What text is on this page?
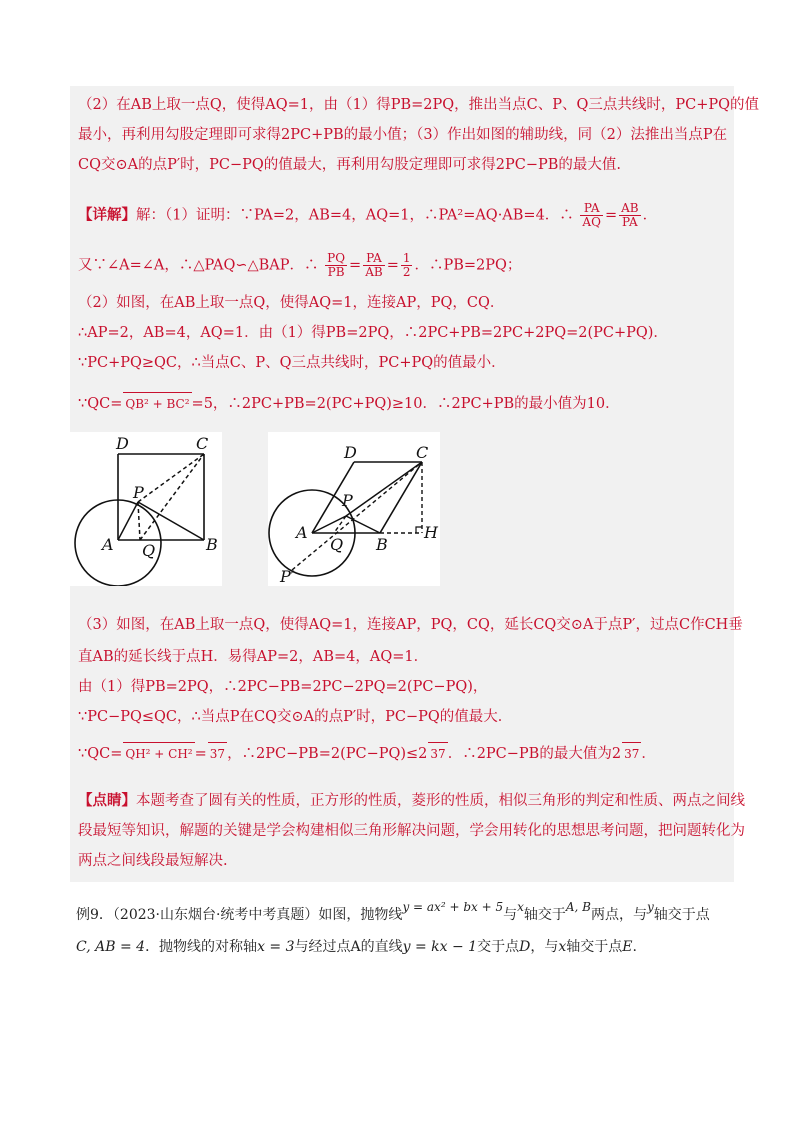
（2）在AB上取一点Q，使得AQ=1，由（1）得PB=2PQ，推出当点C、P、Q三点共线时，PC+PQ的值
最小，再利用勾股定理即可求得2PC+PB的最小值；（3）作出如图的辅助线，同（2）法推出当点P在
CQ交⊙A的点P′时，PC−PQ的值最大，再利用勾股定理即可求得2PC−PB的最大值.
【详解】解：（1）证明：∵PA=2，AB=4，AQ=1，∴PA²=AQ·AB=4．∴ $\frac{PA}{AQ} = \frac{AB}{PA}$ ．
又∵∠A=∠A，∴△PAQ∽△BAP．∴ $\frac{PQ}{PB} = \frac{PA}{AB} = \frac{1}{2}$ ．∴PB=2PQ；
（2）如图，在AB上取一点Q，使得AQ=1，连接AP，PQ，CQ．
∴AP=2，AB=4，AQ=1．由（1）得PB=2PQ，∴2PC+PB=2PC+2PQ=2(PC+PQ)．
∵PC+PQ≥QC，∴当点C、P、Q三点共线时，PC+PQ的值最小．
∵QC= QB² + BC² =5，∴2PC+PB=2(PC+PQ)≥10．∴2PC+PB的最小值为10．
D	C
P
A Q	B
D	C
P
A
Q B
H
P′
（3）如图，在AB上取一点Q，使得AQ=1，连接AP，PQ，CQ，延长CQ交⊙A于点P′，过点C作CH垂
直AB的延长线于点H．易得AP=2，AB=4，AQ=1．
由（1）得PB=2PQ，∴2PC−PB=2PC−2PQ=2(PC−PQ)，
∵PC−PQ≤QC，∴当点P在CQ交⊙A的点P′时，PC−PQ的值最大．
∵QC= QH² + CH² = 37 ，∴2PC−PB=2(PC−PQ)≤2 37 ．∴2PC−PB的最大值为2 37 ．
【点睛】本题考查了圆有关的性质，正方形的性质，菱形的性质，相似三角形的判定和性质、两点之间线
段最短等知识，解题的关键是学会构建相似三角形解决问题，学会用转化的思想思考问题，把问题转化为
两点之间线段最短解决.
例9．（2023·山东烟台·统考中考真题）如图，抛物线y = ax² + bx + 5与x轴交于A, B两点，与y轴交于点
C, AB = 4．抛物线的对称轴x = 3与经过点A的直线y = kx − 1交于点D，与x轴交于点E.
